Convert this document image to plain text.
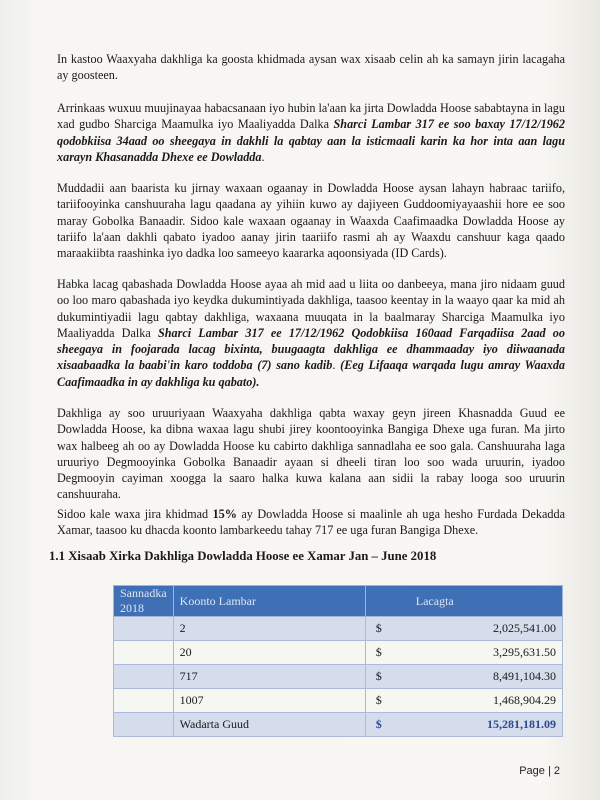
In kastoo Waaxyaha dakhliga ka goosta khidmada aysan wax xisaab celin ah ka samayn jirin lacagaha ay goosteen.

Arrinkaas wuxuu muujinayaa habacsanaan iyo hubin la'aan ka jirta Dowladda Hoose sababtayna in lagu xad gudbo Sharciga Maamulka iyo Maaliyadda Dalka Sharci Lambar 317 ee soo baxay 17/12/1962 qodobkiisa 34aad oo sheegaya in dakhli la qabtay aan la isticmaali karin ka hor inta aan lagu xarayn Khasanadda Dhexe ee Dowladda.

Muddadii aan baarista ku jirnay waxaan ogaanay in Dowladda Hoose aysan lahayn habraac tariifo, tariifooyinka canshuuraha lagu qaadana ay yihiin kuwo ay dajiyeen Guddoomiyayaashii hore ee soo maray Gobolka Banaadir. Sidoo kale waxaan ogaanay in Waaxda Caafimaadka Dowladda Hoose ay tariifo la'aan dakhli qabato iyadoo aanay jirin taariifo rasmi ah ay Waaxdu canshuur kaga qaado maraakiibta raashinka iyo dadka loo sameeyo kaararka aqoonsiyada (ID Cards).

Habka lacag qabashada Dowladda Hoose ayaa ah mid aad u liita oo danbeeya, mana jiro nidaam guud oo loo maro qabashada iyo keydka dukumintiyada dakhliga, taasoo keentay in la waayo qaar ka mid ah dukumintiyadii lagu qabtay dakhliga, waxaana muuqata in la baalmaray Sharciga Maamulka iyo Maaliyadda Dalka Sharci Lambar 317 ee 17/12/1962 Qodobkiisa 160aad Farqadiisa 2aad oo sheegaya in foojarada lacag bixinta, buugaagta dakhliga ee dhammaaday iyo diiwaanada xisaabaadka la baabi'in karo toddoba (7) sano kadib. (Eeg Lifaaqa warqada lugu amray Waaxda Caafimaadka in ay dakhliga ku qabato).

Dakhliga ay soo uruuriyaan Waaxyaha dakhliga qabta waxay geyn jireen Khasnadda Guud ee Dowladda Hoose, ka dibna waxaa lagu shubi jirey koontooyinka Bangiga Dhexe uga furan. Ma jirto wax halbeeg ah oo ay Dowladda Hoose ku cabirto dakhliga sannadlaha ee soo gala. Canshuuraha laga uruuriyo Degmooyinka Gobolka Banaadir ayaan si dheeli tiran loo soo wada uruurin, iyadoo Degmooyin cayiman xoogga la saaro halka kuwa kalana aan sidii la rabay looga soo uruurin canshuuraha.

Sidoo kale waxa jira khidmad 15% ay Dowladda Hoose si maalinle ah uga hesho Furdada Dekadda Xamar, taasoo ku dhacda koonto lambarkeedu tahay 717 ee uga furan Bangiga Dhexe.

1.1 Xisaab Xirka Dakhliga Dowladda Hoose ee Xamar Jan – June 2018
Sannadka 2018	Koonto Lambar	Lacagta
	2	$ 2,025,541.00
	20	$ 3,295,631.50
	717	$ 8,491,104.30
	1007	$ 1,468,904.29
	Wadarta Guud	$ 15,281,181.09
Page | 2
